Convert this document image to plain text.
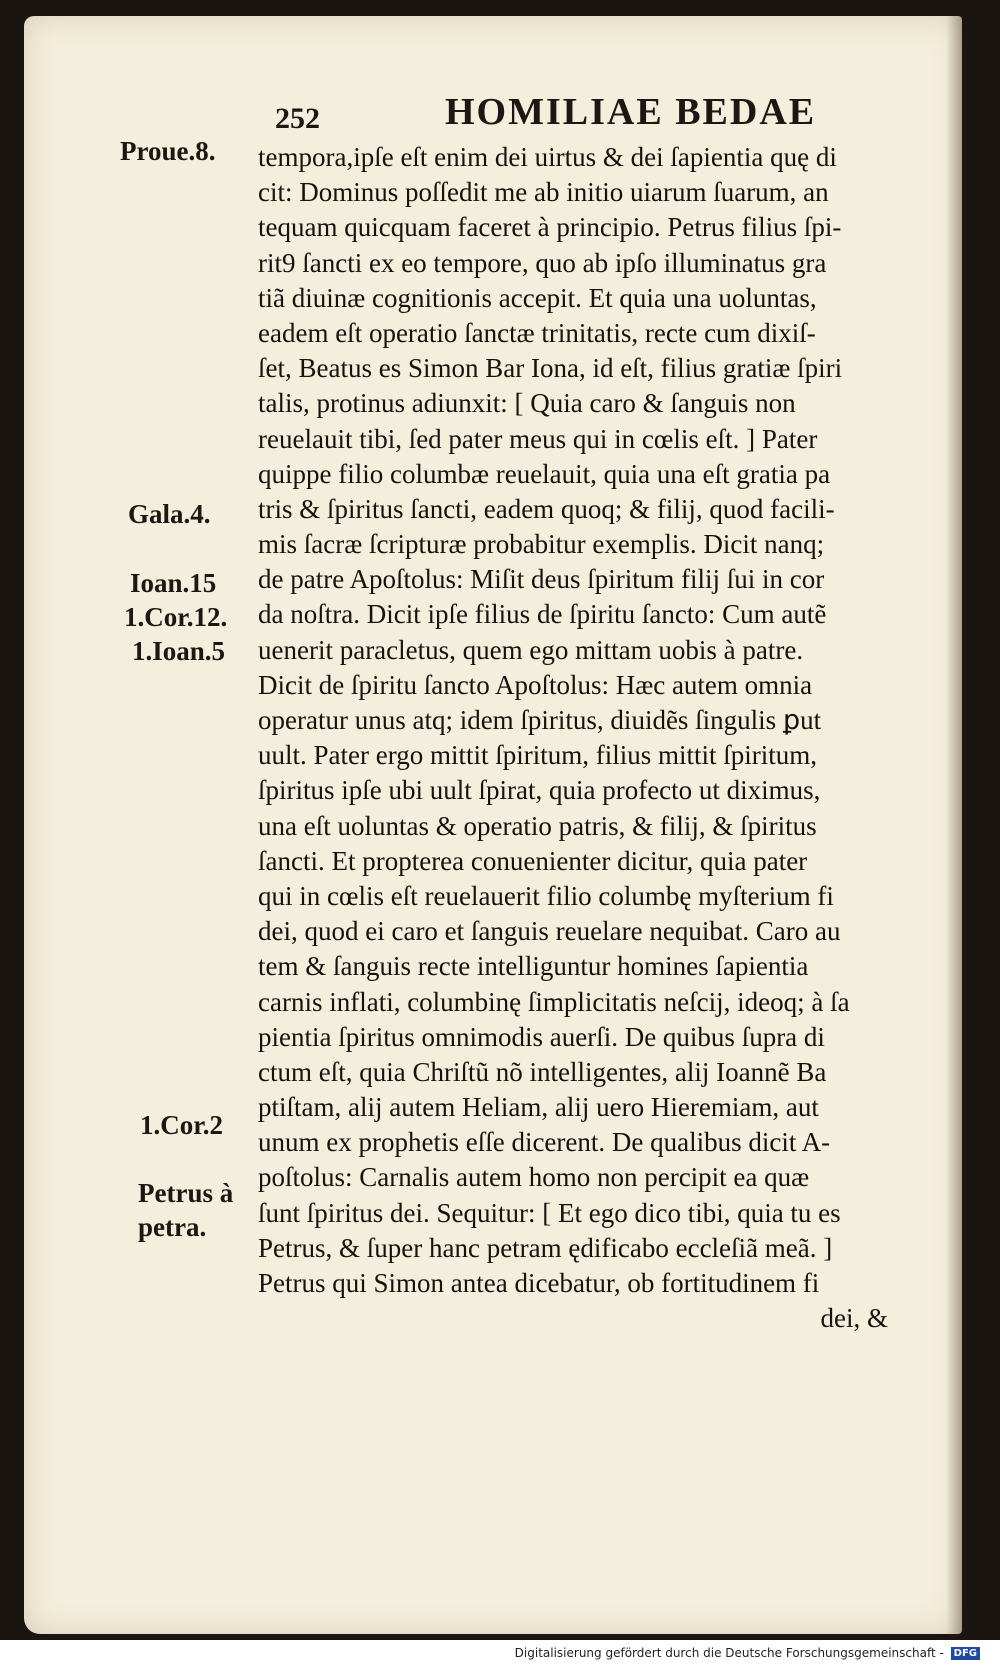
252	HOMILIAE BEDAE
Proue.8.
Gala.4.
Ioan.15
1.Cor.12.
1.Ioan.5
1.Cor.2
Petrus à
petra.
tempora,ipſe eſt enim dei uirtus & dei ſapientia quę di
cit: Dominus poſſedit me ab initio uiarum ſuarum, an
tequam quicquam faceret à principio. Petrus filius ſpi-
rit9 ſancti ex eo tempore, quo ab ipſo illuminatus gra
tiã diuinæ cognitionis accepit. Et quia una uoluntas,
eadem eſt operatio ſanctæ trinitatis, recte cum dixiſ-
ſet, Beatus es Simon Bar Iona, id eſt, filius gratiæ ſpiri
talis, protinus adiunxit: [ Quia caro & ſanguis non
reuelauit tibi, ſed pater meus qui in cœlis eſt. ] Pater
quippe filio columbæ reuelauit, quia una eſt gratia pa
tris & ſpiritus ſancti, eadem quoq; & filij, quod facili-
mis ſacræ ſcripturæ probabitur exemplis. Dicit nanq;
de patre Apoſtolus: Miſit deus ſpiritum filij ſui in cor
da noſtra. Dicit ipſe filius de ſpiritu ſancto: Cum autẽ
uenerit paracletus, quem ego mittam uobis à patre.
Dicit de ſpiritu ſancto Apoſtolus: Hæc autem omnia
operatur unus atq; idem ſpiritus, diuidẽs ſingulis ꝑut
uult. Pater ergo mittit ſpiritum, filius mittit ſpiritum,
ſpiritus ipſe ubi uult ſpirat, quia profecto ut diximus,
una eſt uoluntas & operatio patris, & filij, & ſpiritus
ſancti. Et propterea conuenienter dicitur, quia pater
qui in cœlis eſt reuelauerit filio columbę myſterium fi
dei, quod ei caro et ſanguis reuelare nequibat. Caro au
tem & ſanguis recte intelliguntur homines ſapientia
carnis inflati, columbinę ſimplicitatis neſcij, ideoq; à ſa
pientia ſpiritus omnimodis auerſi. De quibus ſupra di
ctum eſt, quia Chriſtũ nõ intelligentes, alij Ioannẽ Ba
ptiſtam, alij autem Heliam, alij uero Hieremiam, aut
unum ex prophetis eſſe dicerent. De qualibus dicit A-
poſtolus: Carnalis autem homo non percipit ea quæ
ſunt ſpiritus dei. Sequitur: [ Et ego dico tibi, quia tu es
Petrus, & ſuper hanc petram ędificabo eccleſiã meã. ]
Petrus qui Simon antea dicebatur, ob fortitudinem fi
dei, &
Digitalisierung gefördert durch die Deutsche Forschungsgemeinschaft - DFG
